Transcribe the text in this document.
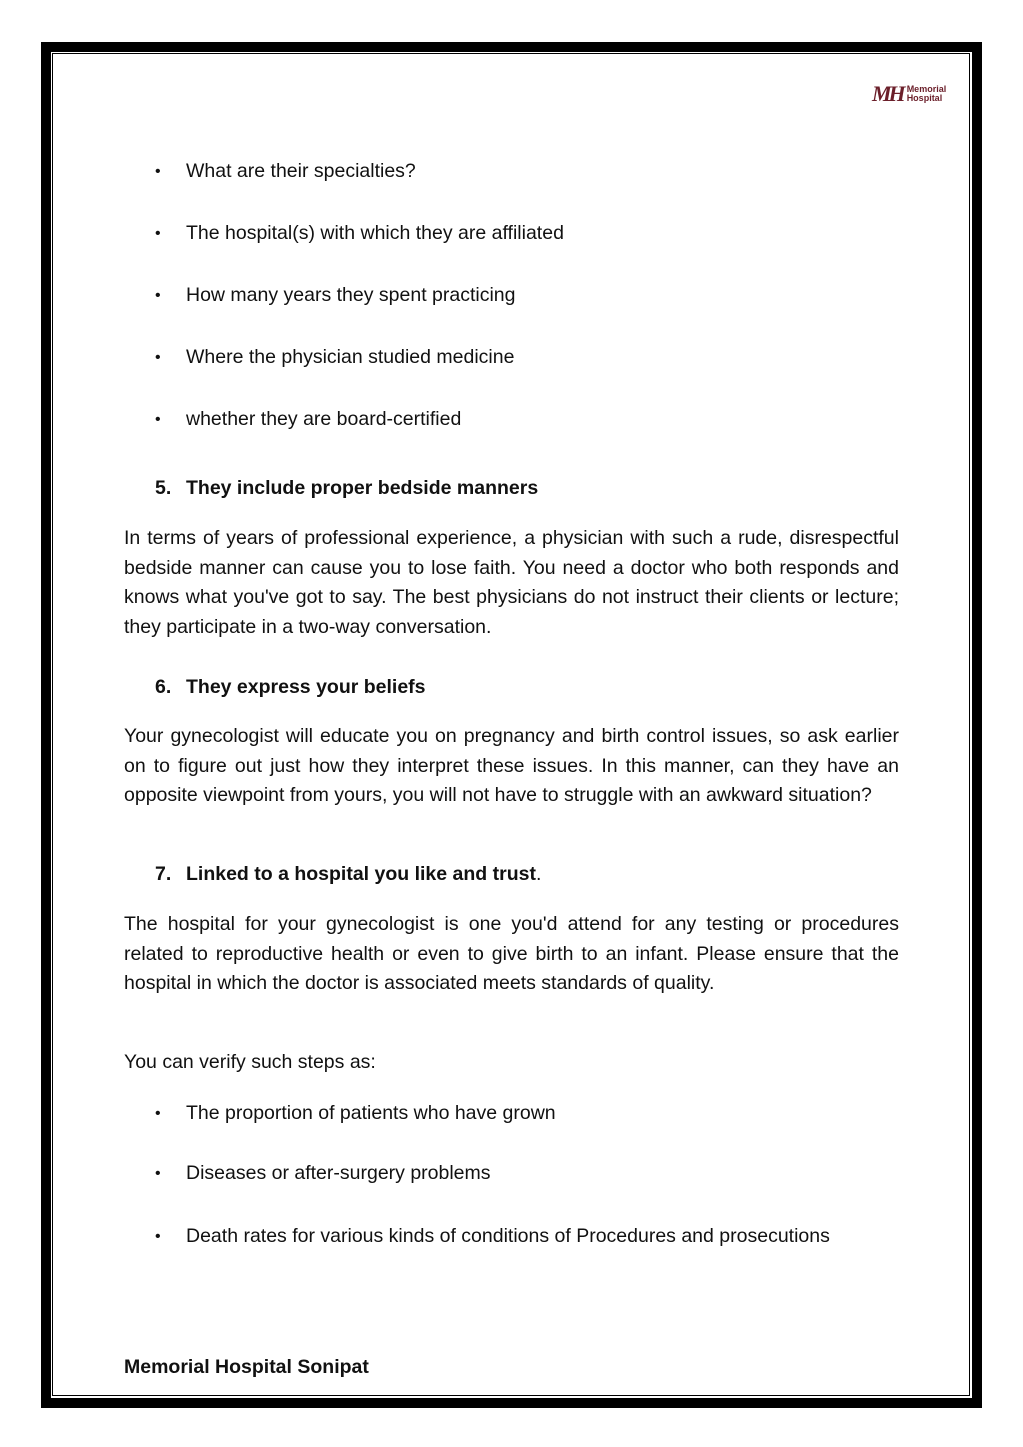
MH Memorial
Hospital
•	What are their specialties?
•	The hospital(s) with which they are affiliated
•	How many years they spent practicing
•	Where the physician studied medicine
•	whether they are board-certified
5. They include proper bedside manners
In terms of years of professional experience, a physician with such a rude, disrespectful bedside manner can cause you to lose faith. You need a doctor who both responds and knows what you've got to say. The best physicians do not instruct their clients or lecture; they participate in a two-way conversation.
6. They express your beliefs
Your gynecologist will educate you on pregnancy and birth control issues, so ask earlier on to figure out just how they interpret these issues. In this manner, can they have an opposite viewpoint from yours, you will not have to struggle with an awkward situation?
7. Linked to a hospital you like and trust.
The hospital for your gynecologist is one you'd attend for any testing or procedures related to reproductive health or even to give birth to an infant. Please ensure that the hospital in which the doctor is associated meets standards of quality.
You can verify such steps as:
•	The proportion of patients who have grown
•	Diseases or after-surgery problems
•	Death rates for various kinds of conditions of Procedures and prosecutions
Memorial Hospital Sonipat
